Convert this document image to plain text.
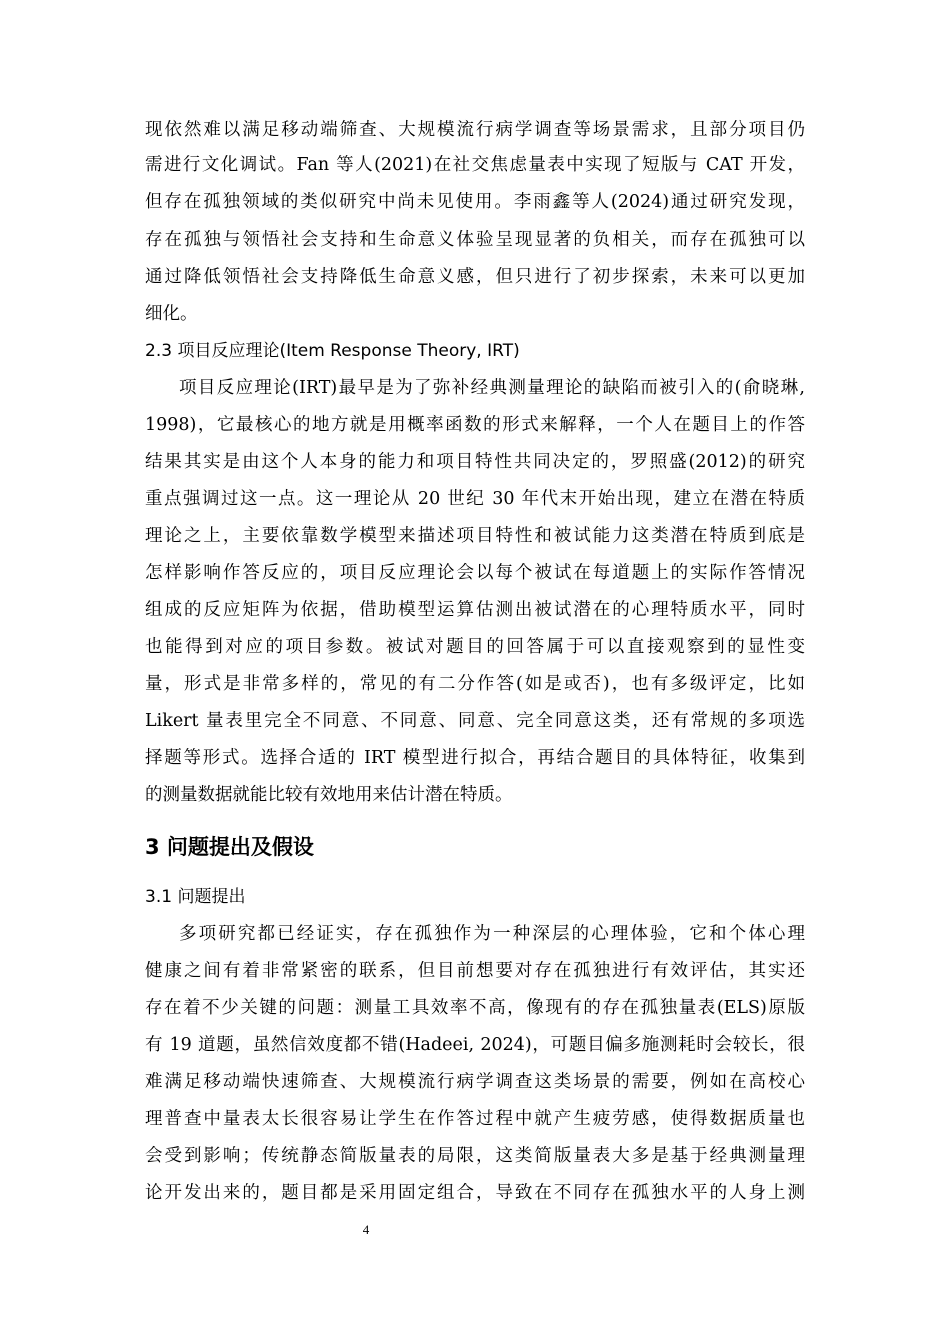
现依然难以满足移动端筛查、大规模流行病学调查等场景需求，且部分项目仍
需进行文化调试。Fan 等人(2021)在社交焦虑量表中实现了短版与 CAT 开发，
但存在孤独领域的类似研究中尚未见使用。李雨鑫等人(2024)通过研究发现，
存在孤独与领悟社会支持和生命意义体验呈现显著的负相关，而存在孤独可以
通过降低领悟社会支持降低生命意义感，但只进行了初步探索，未来可以更加
细化。
2.3 项目反应理论(Item Response Theory, IRT)
项目反应理论(IRT)最早是为了弥补经典测量理论的缺陷而被引入的(俞晓琳,
1998)，它最核心的地方就是用概率函数的形式来解释，一个人在题目上的作答
结果其实是由这个人本身的能力和项目特性共同决定的，罗照盛(2012)的研究
重点强调过这一点。这一理论从 20 世纪 30 年代末开始出现，建立在潜在特质
理论之上，主要依靠数学模型来描述项目特性和被试能力这类潜在特质到底是
怎样影响作答反应的，项目反应理论会以每个被试在每道题上的实际作答情况
组成的反应矩阵为依据，借助模型运算估测出被试潜在的心理特质水平，同时
也能得到对应的项目参数。被试对题目的回答属于可以直接观察到的显性变
量，形式是非常多样的，常见的有二分作答(如是或否)，也有多级评定，比如
Likert 量表里完全不同意、不同意、同意、完全同意这类，还有常规的多项选
择题等形式。选择合适的 IRT 模型进行拟合，再结合题目的具体特征，收集到
的测量数据就能比较有效地用来估计潜在特质。
3 问题提出及假设
3.1 问题提出
多项研究都已经证实，存在孤独作为一种深层的心理体验，它和个体心理
健康之间有着非常紧密的联系，但目前想要对存在孤独进行有效评估，其实还
存在着不少关键的问题：测量工具效率不高，像现有的存在孤独量表(ELS)原版
有 19 道题，虽然信效度都不错(Hadeei, 2024)，可题目偏多施测耗时会较长，很
难满足移动端快速筛查、大规模流行病学调查这类场景的需要，例如在高校心
理普查中量表太长很容易让学生在作答过程中就产生疲劳感，使得数据质量也
会受到影响；传统静态简版量表的局限，这类简版量表大多是基于经典测量理
论开发出来的，题目都是采用固定组合，导致在不同存在孤独水平的人身上测
4
